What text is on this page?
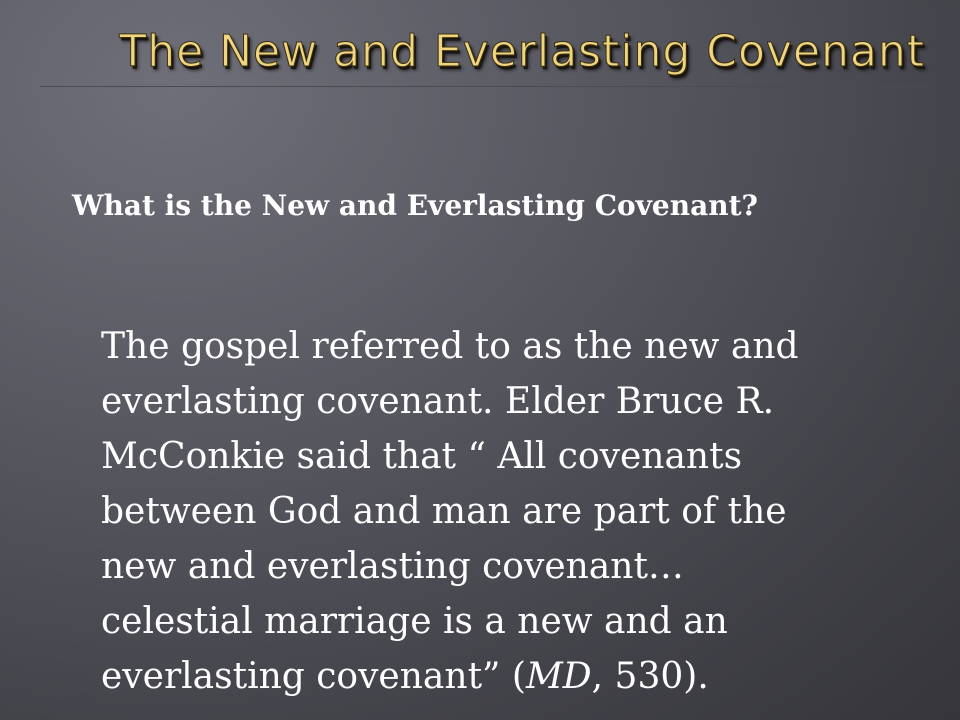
The New and Everlasting Covenant
What is the New and Everlasting Covenant?
The gospel referred to as the new and
everlasting covenant. Elder Bruce R.
McConkie said that “ All covenants
between God and man are part of the
new and everlasting covenant…
celestial marriage is a new and an
everlasting covenant” (MD, 530).
